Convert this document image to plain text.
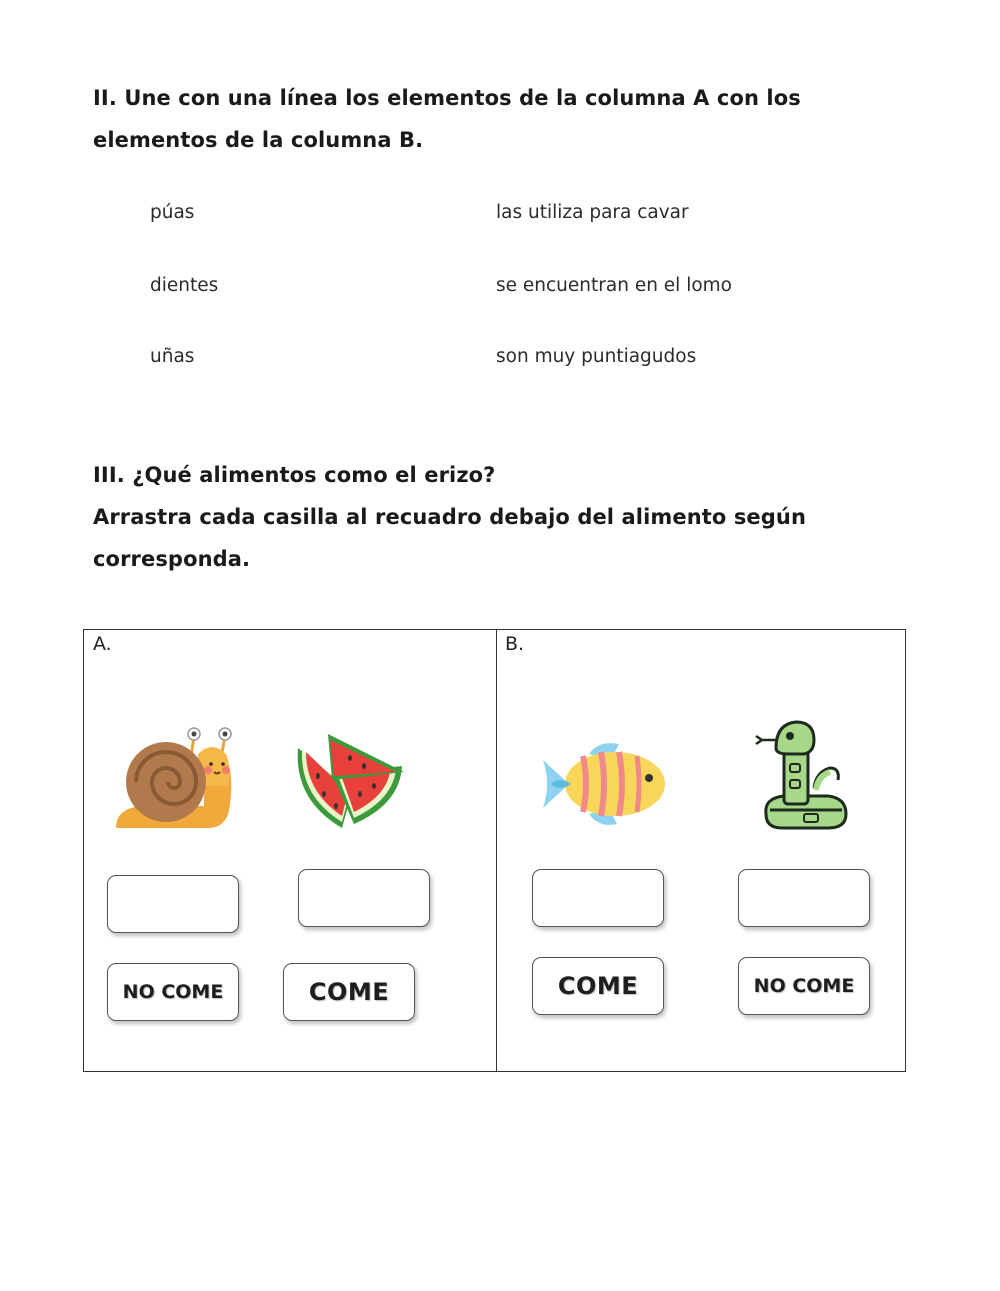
II. Une con una línea los elementos de la columna A con los elementos de la columna B.
púas	las utiliza para cavar
dientes	se encuentran en el lomo
uñas	son muy puntiagudos
III. ¿Qué alimentos como el erizo?
Arrastra cada casilla al recuadro debajo del alimento según corresponda.
A.	B.
NO COME	COME	COME	NO COME
